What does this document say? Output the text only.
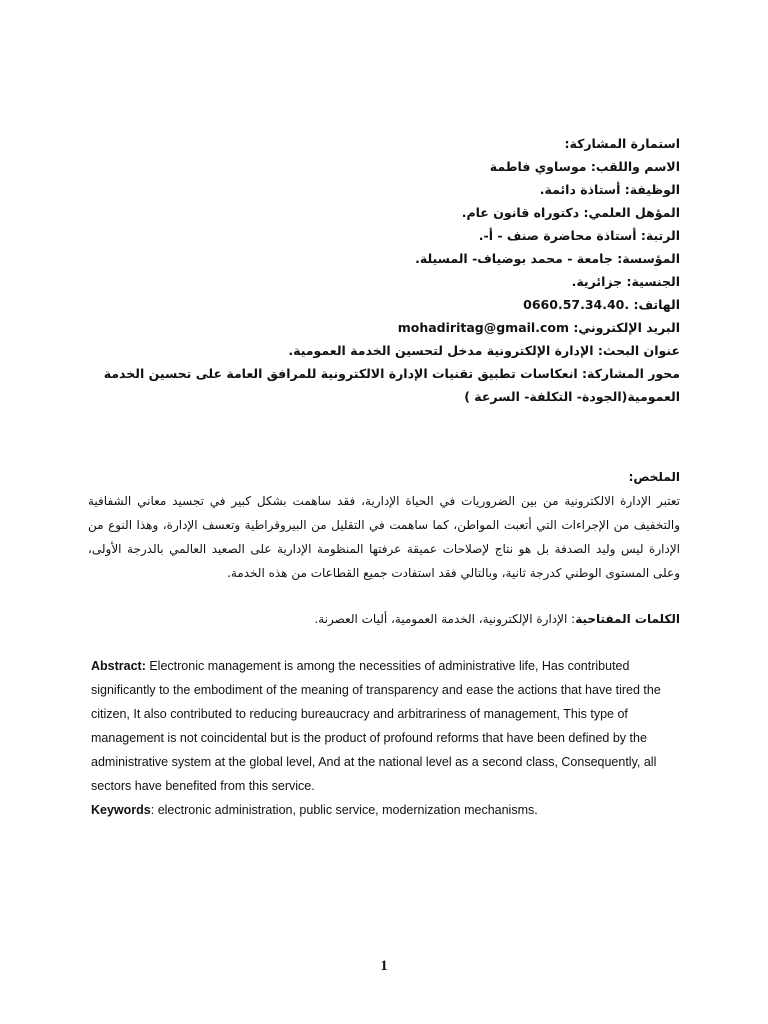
استمارة المشاركة:
الاسم واللقب: موساوي فاطمة
الوظيفة: أستاذة دائمة.
المؤهل العلمي: دكتوراه قانون عام.
الرتبة: أستاذة محاضرة صنف - أ-.
المؤسسة: جامعة - محمد بوضياف- المسيلة.
الجنسية: جزائرية.
الهاتف: 0660.57.34.40.
البريد الإلكتروني: mohadiritag@gmail.com
عنوان البحث: الإدارة الإلكترونية مدخل لتحسين الخدمة العمومية.
محور المشاركة: انعكاسات تطبيق تقنيات الإدارة الالكترونية للمرافق العامة على تحسين الخدمة
العمومية(الجودة- التكلفة- السرعة )
الملخص:
تعتبر الإدارة الالكترونية من بين الضروريات في الحياة الإدارية، فقد ساهمت بشكل كبير في تجسيد معاني الشفافية والتخفيف من الإجراءات التي أتعبت المواطن، كما ساهمت في التقليل من البيروقراطية وتعسف الإدارة، وهذا النوع من الإدارة ليس وليد الصدفة بل هو نتاج لإصلاحات عميقة عرفتها المنظومة الإدارية على الصعيد العالمي بالدرجة الأولى، وعلى المستوى الوطني كدرجة ثانية، وبالتالي فقد استفادت جميع القطاعات من هذه الخدمة.
الكلمات المفتاحية: الإدارة الإلكترونية، الخدمة العمومية، أليات العصرنة.
Abstract: Electronic management is among the necessities of administrative life, Has contributed significantly to the embodiment of the meaning of transparency and ease the actions that have tired the citizen, It also contributed to reducing bureaucracy and arbitrariness of management, This type of management is not coincidental but is the product of profound reforms that have been defined by the administrative system at the global level, And at the national level as a second class, Consequently, all sectors have benefited from this service.
Keywords: electronic administration, public service, modernization mechanisms.
1
